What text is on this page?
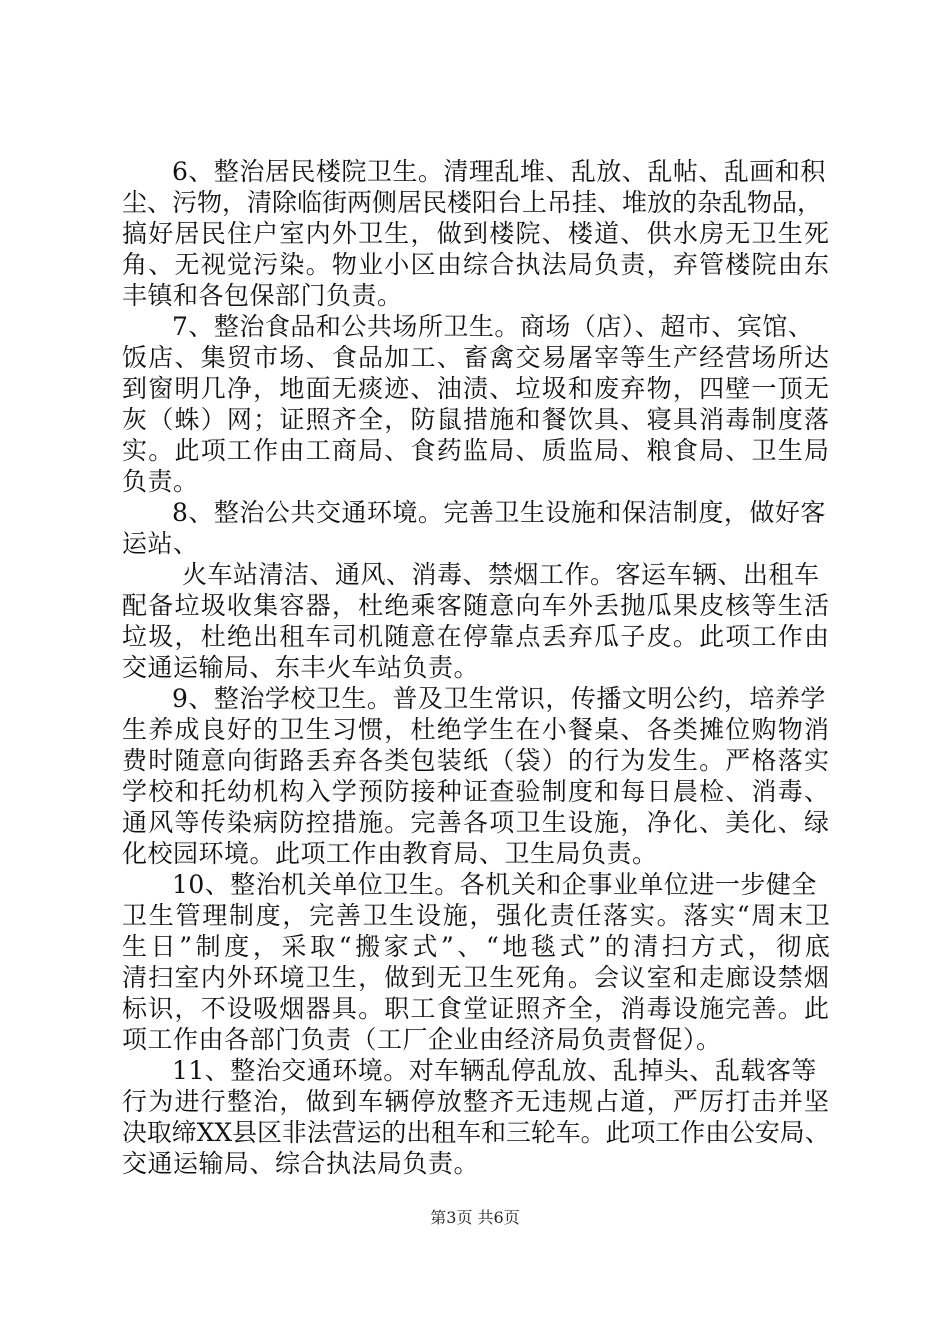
6、整治居民楼院卫生。清理乱堆、乱放、乱帖、乱画和积
尘、污物，清除临街两侧居民楼阳台上吊挂、堆放的杂乱物品，
搞好居民住户室内外卫生，做到楼院、楼道、供水房无卫生死
角、无视觉污染。物业小区由综合执法局负责，弃管楼院由东
丰镇和各包保部门负责。
7、整治食品和公共场所卫生。商场（店）、超市、宾馆、
饭店、集贸市场、食品加工、畜禽交易屠宰等生产经营场所达
到窗明几净，地面无痰迹、油渍、垃圾和废弃物，四壁一顶无
灰（蛛）网；证照齐全，防鼠措施和餐饮具、寝具消毒制度落
实。此项工作由工商局、食药监局、质监局、粮食局、卫生局
负责。
8、整治公共交通环境。完善卫生设施和保洁制度，做好客
运站、
火车站清洁、通风、消毒、禁烟工作。客运车辆、出租车
配备垃圾收集容器，杜绝乘客随意向车外丢抛瓜果皮核等生活
垃圾，杜绝出租车司机随意在停靠点丢弃瓜子皮。此项工作由
交通运输局、东丰火车站负责。
9、整治学校卫生。普及卫生常识，传播文明公约，培养学
生养成良好的卫生习惯，杜绝学生在小餐桌、各类摊位购物消
费时随意向街路丢弃各类包装纸（袋）的行为发生。严格落实
学校和托幼机构入学预防接种证查验制度和每日晨检、消毒、
通风等传染病防控措施。完善各项卫生设施，净化、美化、绿
化校园环境。此项工作由教育局、卫生局负责。
10、整治机关单位卫生。各机关和企事业单位进一步健全
卫生管理制度，完善卫生设施，强化责任落实。落实“周末卫
生日”制度，采取“搬家式”、“地毯式”的清扫方式，彻底
清扫室内外环境卫生，做到无卫生死角。会议室和走廊设禁烟
标识，不设吸烟器具。职工食堂证照齐全，消毒设施完善。此
项工作由各部门负责（工厂企业由经济局负责督促）。
11、整治交通环境。对车辆乱停乱放、乱掉头、乱载客等
行为进行整治，做到车辆停放整齐无违规占道，严厉打击并坚
决取缔XX县区非法营运的出租车和三轮车。此项工作由公安局、
交通运输局、综合执法局负责。
第3页 共6页
